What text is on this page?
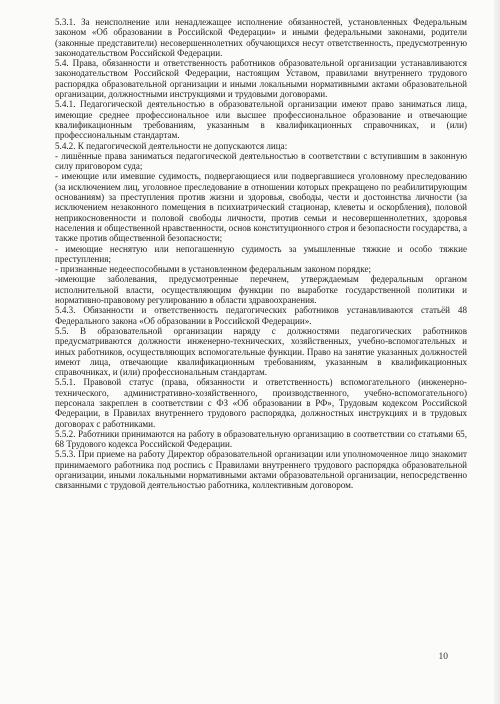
5.3.1. За неисполнение или ненадлежащее исполнение обязанностей, установленных Федеральным законом «Об образовании в Российской Федерации» и иными федеральными законами, родители (законные представители) несовершеннолетних обучающихся несут ответственность, предусмотренную законодательством Российской Федерации.

5.4. Права, обязанности и ответственность работников образовательной организации устанавливаются законодательством Российской Федерации, настоящим Уставом, правилами внутреннего трудового распорядка образовательной организации и иными локальными нормативными актами образовательной организации, должностными инструкциями и трудовыми договорами.

5.4.1. Педагогической деятельностью в образовательной организации имеют право заниматься лица, имеющие среднее профессиональное или высшее профессиональное образование и отвечающие квалификационным требованиям, указанным в квалификационных справочниках, и (или) профессиональным стандартам.

5.4.2. К педагогической деятельности не допускаются лица:

- лишённые права заниматься педагогической деятельностью в соответствии с вступившим в законную силу приговором суда;

- имеющие или имевшие судимость, подвергающиеся или подвергавшиеся уголовному преследованию (за исключением лиц, уголовное преследование в отношении которых прекращено по реабилитирующим основаниям) за преступления против жизни и здоровья, свободы, чести и достоинства личности (за исключением незаконного помещения в психиатрический стационар, клеветы и оскорбления), половой неприкосновенности и половой свободы личности, против семьи и несовершеннолетних, здоровья населения и общественной нравственности, основ конституционного строя и безопасности государства, а также против общественной безопасности;

- имеющие неснятую или непогашенную судимость за умышленные тяжкие и особо тяжкие преступления;

- признанные недееспособными в установленном федеральным законом порядке;

-имеющие заболевания, предусмотренные перечнем, утверждаемым федеральным органом исполнительной власти, осуществляющим функции по выработке государственной политики и нормативно-правовому регулированию в области здравоохранения.

5.4.3. Обязанности и ответственность педагогических работников устанавливаются статьёй 48 Федерального закона «Об образовании в Российской Федерации».

5.5. В образовательной организации наряду с должностями педагогических работников предусматриваются должности инженерно-технических, хозяйственных, учебно-вспомогательных и иных работников, осуществляющих вспомогательные функции. Право на занятие указанных должностей имеют лица, отвечающие квалификационным требованиям, указанным в квалификационных справочниках, и (или) профессиональным стандартам.

5.5.1. Правовой статус (права, обязанности и ответственность) вспомогательного (инженерно-технического, административно-хозяйственного, производственного, учебно-вспомогательного) персонала закреплен в соответствии с ФЗ «Об образовании в РФ», Трудовым кодексом Российской Федерации, в Правилах внутреннего трудового распорядка, должностных инструкциях и в трудовых договорах с работниками.

5.5.2. Работники принимаются на работу в образовательную организацию в соответствии со статьями 65, 68 Трудового кодекса Российской Федерации.

5.5.3. При приеме на работу Директор образовательной организации или уполномоченное лицо знакомит принимаемого работника под роспись с Правилами внутреннего трудового распорядка образовательной организации, иными локальными нормативными актами образовательной организации, непосредственно связанными с трудовой деятельностью работника, коллективным договором.

10
